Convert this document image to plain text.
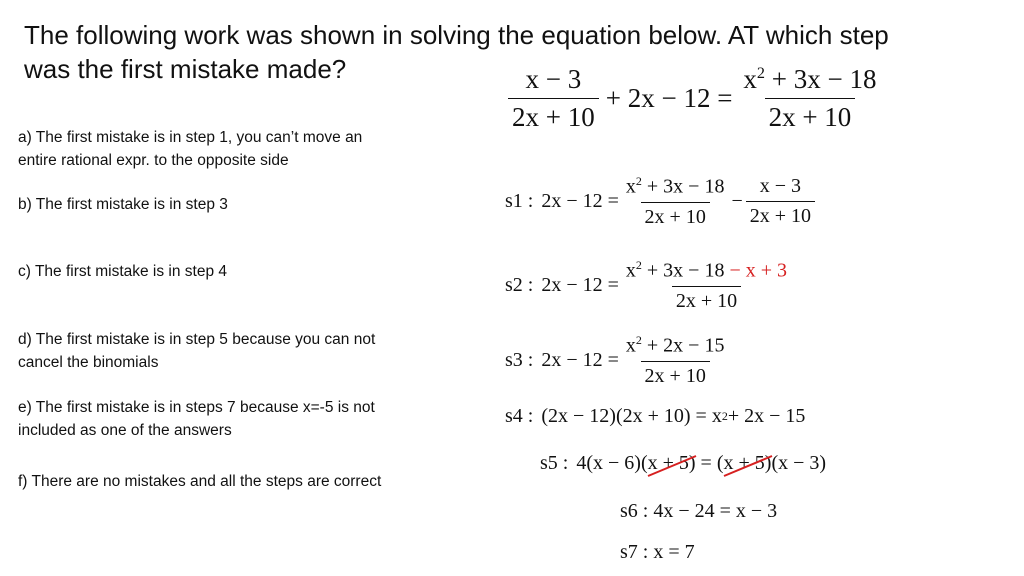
The following work was shown in solving the equation below. AT which step was the first mistake made?
a) The first mistake is in step 1, you can’t move an entire rational expr. to the opposite side
b) The first mistake is in step 3
c) The first mistake is in step 4
d) The first mistake is in step 5 because you can not cancel the binomials
e) The first mistake is in steps 7 because x=-5 is not included as one of the answers
f) There are no mistakes and all the steps are correct
$\frac{x - 3}{2x + 10} + 2x - 12 = \frac{x^2 + 3x - 18}{2x + 10}$
s1 : $2x - 12 = \frac{x^2 + 3x - 18}{2x + 10} - \frac{x - 3}{2x + 10}$
s2 : $2x - 12 = \frac{x^2 + 3x - 18 - x + 3}{2x + 10}$
s3 : $2x - 12 = \frac{x^2 + 2x - 15}{2x + 10}$
s4 : (2x − 12)(2x + 10) = x 2 + 2x − 15
s5 : 4(x − 6)( x + 5 ) = ( x + 5 )(x − 3)
s6 : 4x − 24 = x − 3
s7 : x = 7
